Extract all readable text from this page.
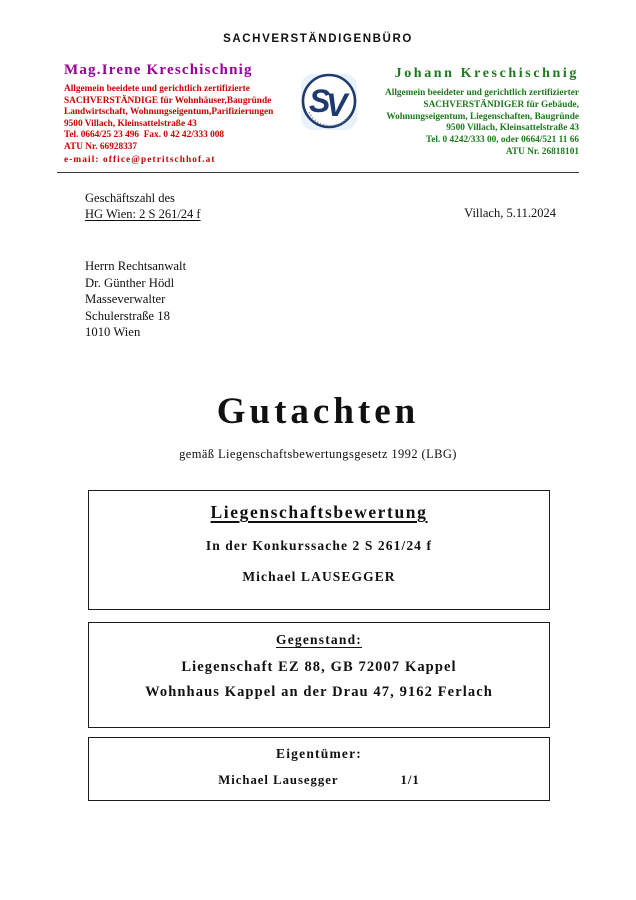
SACHVERSTÄNDIGENBÜRO
Mag.Irene Kreschischnig
Allgemein beeidete und gerichtlich zertifizierte
SACHVERSTÄNDIGE für Wohnhäuser,Baugründe
Landwirtschaft, Wohnungseigentum,Parifizierungen
9500 Villach, Kleinsattelstraße 43
Tel. 0664/25 23 496  Fax. 0 42 42/333 008
ATU Nr. 66928337
e-mail: office@petritschhof.at
S
V
Johann Kreschischnig
Allgemein beeideter und gerichtlich zertifizierter
SACHVERSTÄNDIGER für Gebäude,
Wohnungseigentum, Liegenschaften, Baugründe
9500 Villach, Kleinsattelstraße 43
Tel. 0 4242/333 00, oder 0664/521 11 66
ATU Nr. 26818101
Geschäftszahl des
HG Wien: 2 S 261/24 f	Villach, 5.11.2024
Herrn Rechtsanwalt
Dr. Günther Hödl
Masseverwalter
Schulerstraße 18
1010 Wien
Gutachten
gemäß Liegenschaftsbewertungsgesetz 1992 (LBG)
Liegenschaftsbewertung
In der Konkurssache 2 S 261/24 f
Michael LAUSEGGER
Gegenstand:
Liegenschaft EZ 88, GB 72007 Kappel
Wohnhaus Kappel an der Drau 47, 9162 Ferlach
Eigentümer:
Michael Lausegger	1/1
